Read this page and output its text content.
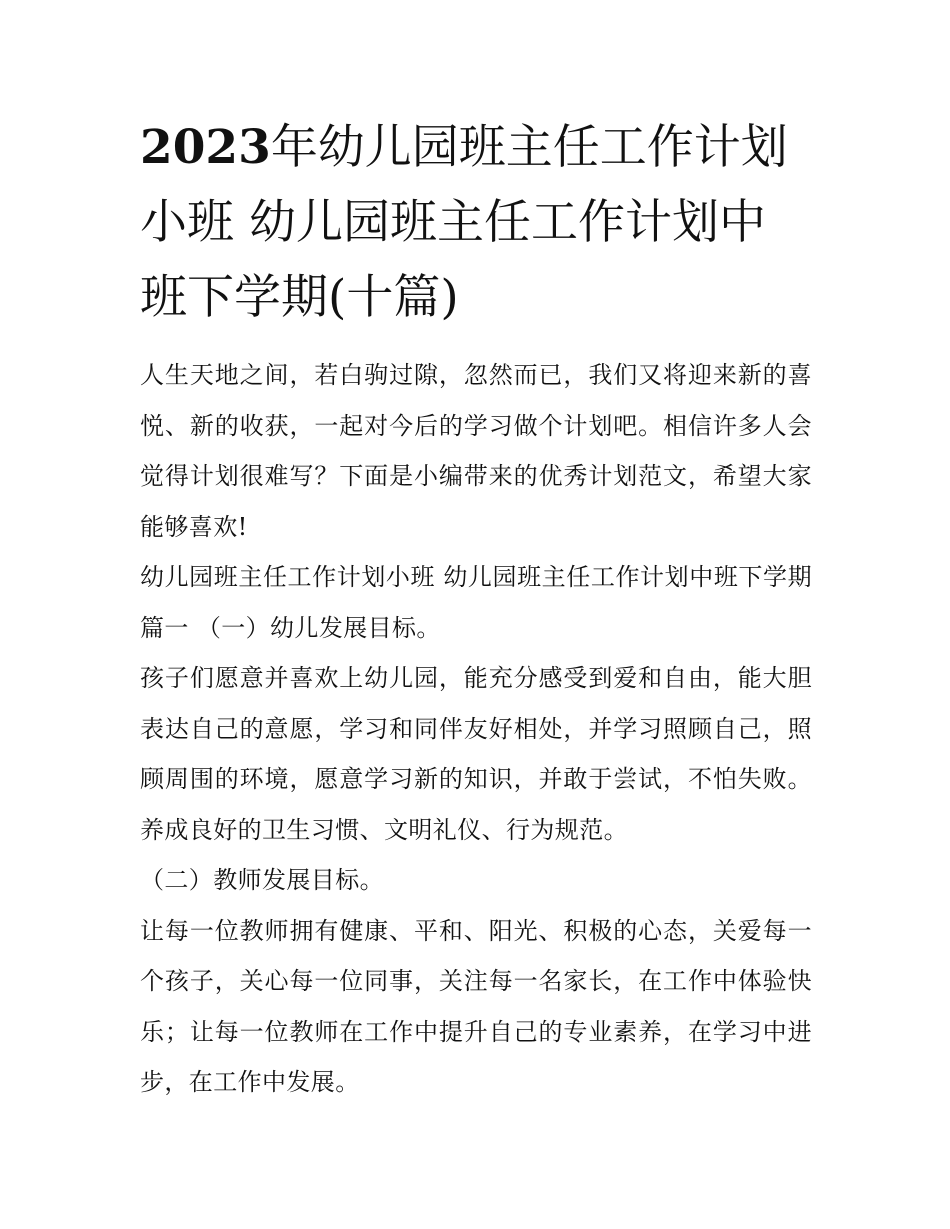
2023年幼儿园班主任工作计划小班 幼儿园班主任工作计划中班下学期(十篇)

人生天地之间，若白驹过隙，忽然而已，我们又将迎来新的喜悦、新的收获，一起对今后的学习做个计划吧。相信许多人会觉得计划很难写？下面是小编带来的优秀计划范文，希望大家能够喜欢!

幼儿园班主任工作计划小班 幼儿园班主任工作计划中班下学期篇一 （一）幼儿发展目标。

孩子们愿意并喜欢上幼儿园，能充分感受到爱和自由，能大胆表达自己的意愿，学习和同伴友好相处，并学习照顾自己，照顾周围的环境，愿意学习新的知识，并敢于尝试，不怕失败。养成良好的卫生习惯、文明礼仪、行为规范。

（二）教师发展目标。

让每一位教师拥有健康、平和、阳光、积极的心态，关爱每一个孩子，关心每一位同事，关注每一名家长，在工作中体验快乐；让每一位教师在工作中提升自己的专业素养，在学习中进步，在工作中发展。
